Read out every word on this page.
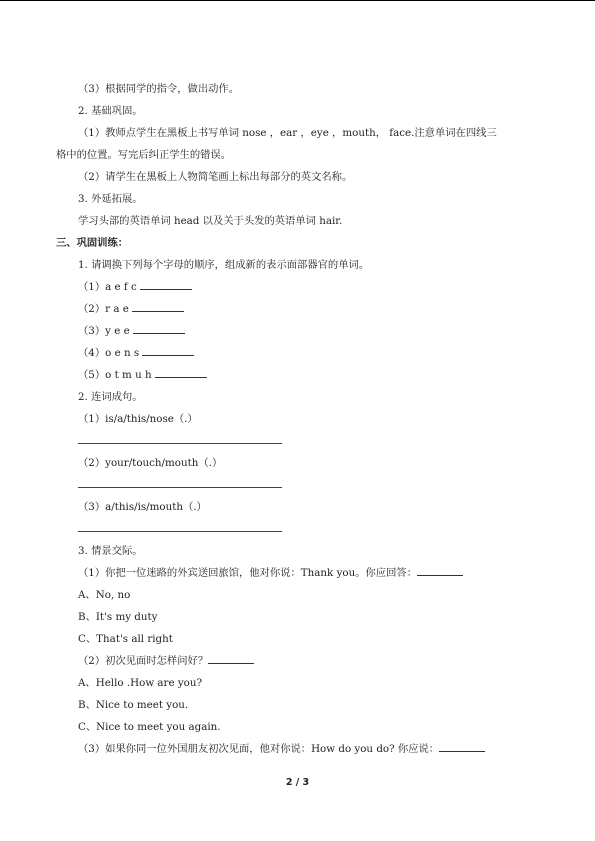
（3）根据同学的指令，做出动作。
2. 基础巩固。
（1）教师点学生在黑板上书写单词 nose ，ear ，eye ，mouth， face.注意单词在四线三
格中的位置。写完后纠正学生的错误。
（2）请学生在黑板上人物简笔画上标出每部分的英文名称。
3. 外延拓展。
学习头部的英语单词 head 以及关于头发的英语单词 hair.
三、巩固训练：
1. 请调换下列每个字母的顺序，组成新的表示面部器官的单词。
（1）a e f c
（2）r a e
（3）y e e
（4）o e n s
（5）o t m u h
2. 连词成句。
（1）is/a/this/nose（.）
（2）your/touch/mouth（.）
（3）a/this/is/mouth（.）
3. 情景交际。
（1）你把一位迷路的外宾送回旅馆，他对你说：Thank you。你应回答：
A、No, no
B、It's my duty
C、That's all right
（2）初次见面时怎样问好？
A、Hello .How are you?
B、Nice to meet you.
C、Nice to meet you again.
（3）如果你同一位外国朋友初次见面，他对你说：How do you do? 你应说：
2 / 3
